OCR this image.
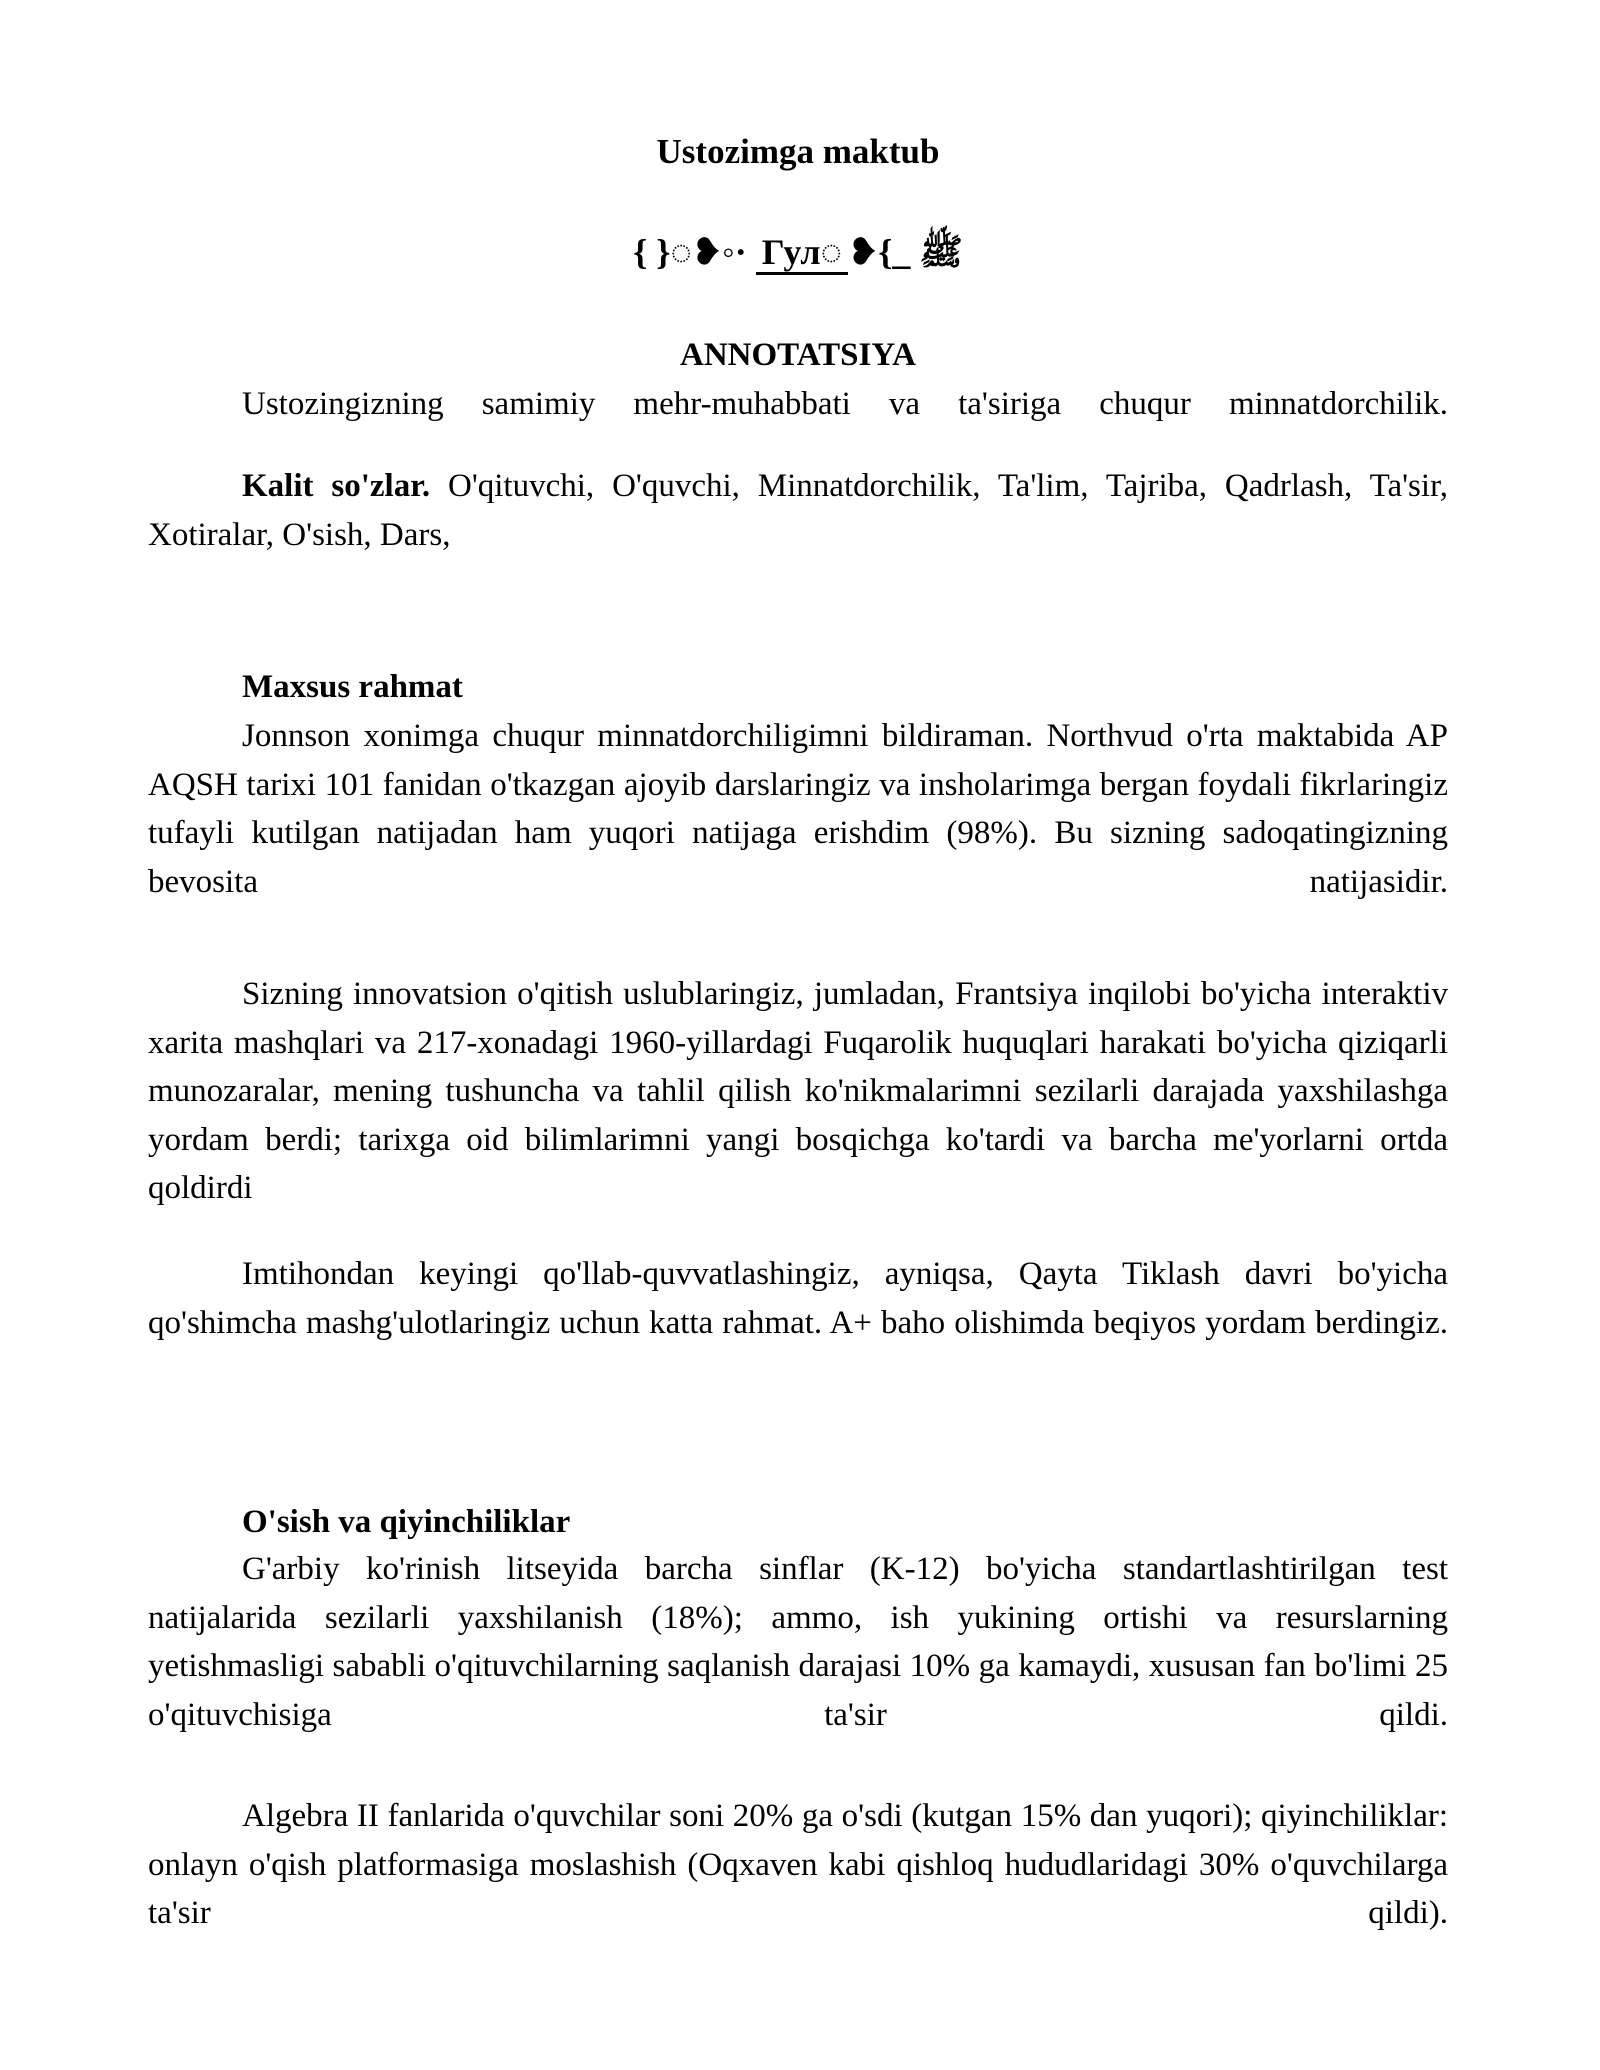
Ustozimga maktub
{ }◌❥◦· Гул◌ ❥{_ ﷺ
ANNOTATSIYA

Ustozingizning samimiy mehr-muhabbati va ta'siriga chuqur minnatdorchilik.

Kalit so'zlar. O'qituvchi, O'quvchi, Minnatdorchilik, Ta'lim, Tajriba, Qadrlash, Ta'sir, Xotiralar, O'sish, Dars,

Maxsus rahmat

Jonnson xonimga chuqur minnatdorchiligimni bildiraman. Northvud o'rta maktabida AP AQSH tarixi 101 fanidan o'tkazgan ajoyib darslaringiz va insholarimga bergan foydali fikrlaringiz tufayli kutilgan natijadan ham yuqori natijaga erishdim (98%). Bu sizning sadoqatingizning bevosita natijasidir.

Sizning innovatsion o'qitish uslublaringiz, jumladan, Frantsiya inqilobi bo'yicha interaktiv xarita mashqlari va 217-xonadagi 1960-yillardagi Fuqarolik huquqlari harakati bo'yicha qiziqarli munozaralar, mening tushuncha va tahlil qilish ko'nikmalarimni sezilarli darajada yaxshilashga yordam berdi; tarixga oid bilimlarimni yangi bosqichga ko'tardi va barcha me'yorlarni ortda qoldirdi

Imtihondan keyingi qo'llab-quvvatlashingiz, ayniqsa, Qayta Tiklash davri bo'yicha qo'shimcha mashg'ulotlaringiz uchun katta rahmat. A+ baho olishimda beqiyos yordam berdingiz.

O'sish va qiyinchiliklar

G'arbiy ko'rinish litseyida barcha sinflar (K-12) bo'yicha standartlashtirilgan test natijalarida sezilarli yaxshilanish (18%); ammo, ish yukining ortishi va resurslarning yetishmasligi sababli o'qituvchilarning saqlanish darajasi 10% ga kamaydi, xususan fan bo'limi 25 o'qituvchisiga ta'sir qildi.

Algebra II fanlarida o'quvchilar soni 20% ga o'sdi (kutgan 15% dan yuqori); qiyinchiliklar: onlayn o'qish platformasiga moslashish (Oqxaven kabi qishloq hududlaridagi 30% o'quvchilarga ta'sir qildi).
